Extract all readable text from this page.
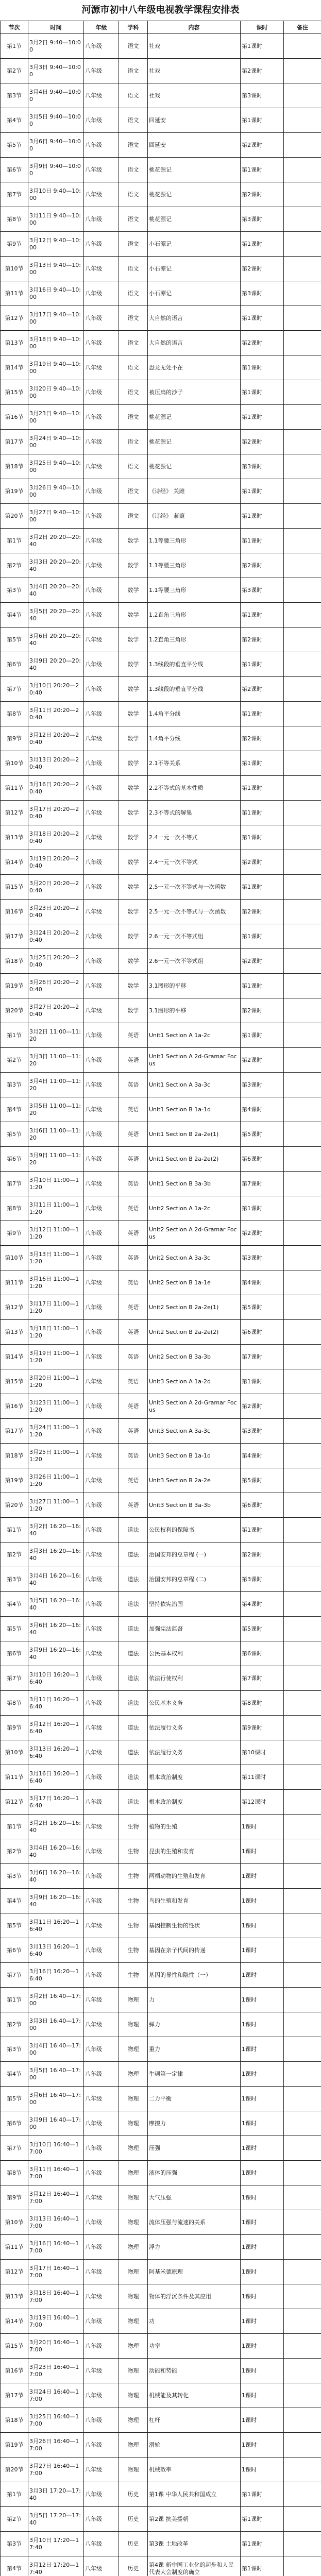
河源市初中八年级电视教学课程安排表
节次	时间	年级	学科	内容	课时	备注
第1节	3月2日 9:40—10:00	八年级	语文	社戏	第1课时	
第2节	3月3日 9:40—10:00	八年级	语文	社戏	第2课时	
第3节	3月4日 9:40—10:00	八年级	语文	社戏	第3课时	
第4节	3月5日 9:40—10:00	八年级	语文	回延安	第1课时	
第5节	3月6日 9:40—10:00	八年级	语文	回延安	第2课时	
第6节	3月9日 9:40—10:00	八年级	语文	桃花源记	第1课时	
第7节	3月10日 9:40—10:00	八年级	语文	桃花源记	第2课时	
第8节	3月11日 9:40—10:00	八年级	语文	桃花源记	第3课时	
第9节	3月12日 9:40—10:00	八年级	语文	小石潭记	第1课时	
第10节	3月13日 9:40—10:00	八年级	语文	小石潭记	第2课时	
第11节	3月16日 9:40—10:00	八年级	语文	小石潭记	第3课时	
第12节	3月17日 9:40—10:00	八年级	语文	大自然的语言	第1课时	
第13节	3月18日 9:40—10:00	八年级	语文	大自然的语言	第2课时	
第14节	3月19日 9:40—10:00	八年级	语文	恐龙无处不在	第1课时	
第15节	3月20日 9:40—10:00	八年级	语文	被压扁的沙子	第1课时	
第16节	3月23日 9:40—10:00	八年级	语文	桃花源记	第1课时	
第17节	3月24日 9:40—10:00	八年级	语文	桃花源记	第2课时	
第18节	3月25日 9:40—10:00	八年级	语文	桃花源记	第3课时	
第19节	3月26日 9:40—10:00	八年级	语文	《诗经》 关雎	第1课时	
第20节	3月27日 9:40—10:00	八年级	语文	《诗经》 蒹葭	第1课时	
第1节	3月2日 20:20—20:40	八年级	数学	1.1等腰三角形	第1课时	
第2节	3月3日 20:20—20:40	八年级	数学	1.1等腰三角形	第2课时	
第3节	3月4日 20:20—20:40	八年级	数学	1.1等腰三角形	第3课时	
第4节	3月5日 20:20—20:40	八年级	数学	1.2直角三角形	第1课时	
第5节	3月6日 20:20—20:40	八年级	数学	1.2直角三角形	第2课时	
第6节	3月9日 20:20—20:40	八年级	数学	1.3线段的垂直平分线	第1课时	
第7节	3月10日 20:20—20:40	八年级	数学	1.3线段的垂直平分线	第2课时	
第8节	3月11日 20:20—20:40	八年级	数学	1.4角平分线	第1课时	
第9节	3月12日 20:20—20:40	八年级	数学	1.4角平分线	第2课时	
第10节	3月13日 20:20—20:40	八年级	数学	2.1不等关系	第1课时	
第11节	3月16日 20:20—20:40	八年级	数学	2.2不等式的基本性质	第1课时	
第12节	3月17日 20:20—20:40	八年级	数学	2.3不等式的解集	第1课时	
第13节	3月18日 20:20—20:40	八年级	数学	2.4一元一次不等式	第1课时	
第14节	3月19日 20:20—20:40	八年级	数学	2.4一元一次不等式	第2课时	
第15节	3月20日 20:20—20:40	八年级	数学	2.5一元一次不等式与一次函数	第1课时	
第16节	3月23日 20:20—20:40	八年级	数学	2.5一元一次不等式与一次函数	第2课时	
第17节	3月24日 20:20—20:40	八年级	数学	2.6一元一次不等式组	第1课时	
第18节	3月25日 20:20—20:40	八年级	数学	2.6一元一次不等式组	第2课时	
第19节	3月26日 20:20—20:40	八年级	数学	3.1图形的平移	第1课时	
第20节	3月27日 20:20—20:40	八年级	数学	3.1图形的平移	第2课时	
第1节	3月2日 11:00—11:20	八年级	英语	Unit1 Section A 1a-2c	第1课时	
第2节	3月3日 11:00—11:20	八年级	英语	Unit1 Section A 2d-Gramar Focus	第2课时	
第3节	3月4日 11:00—11:20	八年级	英语	Unit1 Section A 3a-3c	第3课时	
第4节	3月5日 11:00—11:20	八年级	英语	Unit1 Section B 1a-1d	第4课时	
第5节	3月6日 11:00—11:20	八年级	英语	Unit1 Section B 2a-2e(1)	第5课时	
第6节	3月9日 11:00—11:20	八年级	英语	Unit1 Section B 2a-2e(2)	第6课时	
第7节	3月10日 11:00—11:20	八年级	英语	Unit1 Section B 3a-3b	第7课时	
第8节	3月11日 11:00—11:20	八年级	英语	Unit2 Section A 1a-2c	第1课时	
第9节	3月12日 11:00—11:20	八年级	英语	Unit2 Section A 2d-Gramar Focus	第2课时	
第10节	3月13日 11:00—11:20	八年级	英语	Unit2 Section A 3a-3c	第3课时	
第11节	3月16日 11:00—11:20	八年级	英语	Unit2 Section B 1a-1e	第4课时	
第12节	3月17日 11:00—11:20	八年级	英语	Unit2 Section B 2a-2e(1)	第5课时	
第13节	3月18日 11:00—11:20	八年级	英语	Unit2 Section B 2a-2e(2)	第6课时	
第14节	3月19日 11:00—11:20	八年级	英语	Unit2 Section B 3a-3b	第7课时	
第15节	3月20日 11:00—11:20	八年级	英语	Unit3 Section A 1a-2d	第1课时	
第16节	3月23日 11:00—11:20	八年级	英语	Unit3 Section A 2d-Gramar Focus	第2课时	
第17节	3月24日 11:00—11:20	八年级	英语	Unit3 Section A 3a-3c	第3课时	
第18节	3月25日 11:00—11:20	八年级	英语	Unit3 Section B 1a-1d	第4课时	
第19节	3月26日 11:00—11:20	八年级	英语	Unit3 Section B 2a-2e	第5课时	
第20节	3月27日 11:00—11:20	八年级	英语	Unit3 Section B 3a-3b	第6课时	
第1节	3月2日 16:20—16:40	八年级	道法	公民权利的保障书	第1课时	
第2节	3月3日 16:20—16:40	八年级	道法	治国安邦的总章程 (一)	第2课时	
第3节	3月4日 16:20—16:40	八年级	道法	治国安邦的总章程 (二)	第3课时	
第4节	3月5日 16:20—16:40	八年级	道法	坚持依宪治国	第4课时	
第5节	3月6日 16:20—16:40	八年级	道法	加强宪法监督	第5课时	
第6节	3月9日 16:20—16:40	八年级	道法	公民基本权利	第6课时	
第7节	3月10日 16:20—16:40	八年级	道法	依法行使权利	第7课时	
第8节	3月11日 16:20—16:40	八年级	道法	公民基本义务	第8课时	
第9节	3月12日 16:20—16:40	八年级	道法	依法履行义务	第9课时	
第10节	3月13日 16:20—16:40	八年级	道法	依法履行义务	第10课时	
第11节	3月16日 16:20—16:40	八年级	道法	根本政治制度	第11课时	
第12节	3月17日 16:20—16:40	八年级	道法	根本政治制度	第12课时	
第1节	3月2日 16:20—16:40	八年级	生物	植物的生殖	1课时	
第2节	3月4日 16:20—16:40	八年级	生物	昆虫的生殖和发育	1课时	
第3节	3月6日 16:20—16:40	八年级	生物	两栖动物的生殖和发育	1课时	
第4节	3月9日 16:20—16:40	八年级	生物	鸟的生殖和发育	1课时	
第5节	3月11日 16:20—16:40	八年级	生物	基因控制生物的性状	1课时	
第6节	3月13日 16:20—16:40	八年级	生物	基因在亲子代间的传递	1课时	
第7节	3月16日 16:20—16:40	八年级	生物	基因的显性和隐性（一）	1课时	
第1节	3月2日 16:40—17:00	八年级	物理	力	1课时	
第2节	3月3日 16:40—17:00	八年级	物理	弹力	1课时	
第3节	3月4日 16:40—17:00	八年级	物理	重力	1课时	
第4节	3月5日 16:40—17:00	八年级	物理	牛顿第一定律	1课时	
第5节	3月6日 16:40—17:00	八年级	物理	二力平衡	1课时	
第6节	3月9日 16:40—17:00	八年级	物理	摩擦力	1课时	
第7节	3月10日 16:40—17:00	八年级	物理	压强	1课时	
第8节	3月11日 16:40—17:00	八年级	物理	液体的压强	1课时	
第9节	3月12日 16:40—17:00	八年级	物理	大气压强	1课时	
第10节	3月13日 16:40—17:00	八年级	物理	流体压强与流速的关系	1课时	
第11节	3月16日 16:40—17:00	八年级	物理	浮力	1课时	
第12节	3月17日 16:40—17:00	八年级	物理	阿基米德原理	1课时	
第13节	3月18日 16:40—17:00	八年级	物理	物体的浮沉条件及其应用	1课时	
第14节	3月19日 16:40—17:00	八年级	物理	功	1课时	
第15节	3月20日 16:40—17:00	八年级	物理	功率	1课时	
第16节	3月23日 16:40—17:00	八年级	物理	动能和势能	1课时	
第17节	3月24日 16:40—17:00	八年级	物理	机械能及其转化	1课时	
第18节	3月25日 16:40—17:00	八年级	物理	杠杆	1课时	
第19节	3月26日 16:40—17:00	八年级	物理	滑轮	1课时	
第20节	3月27日 16:40—17:00	八年级	物理	机械效率	1课时	
第1节	3月3日 17:20—17:40	八年级	历史	第1课 中华人民共和国成立	第1课时	
第2节	3月5日 17:20—17:40	八年级	历史	第2课 抗美援朝	第1课时	
第3节	3月10日 17:20—17:40	八年级	历史	第3课 土地改革	第1课时	
第4节	3月12日 17:20—17:40	八年级	历史	第4课 新中国工业化的起步和人民代表大会制度的确立	第1课时	
